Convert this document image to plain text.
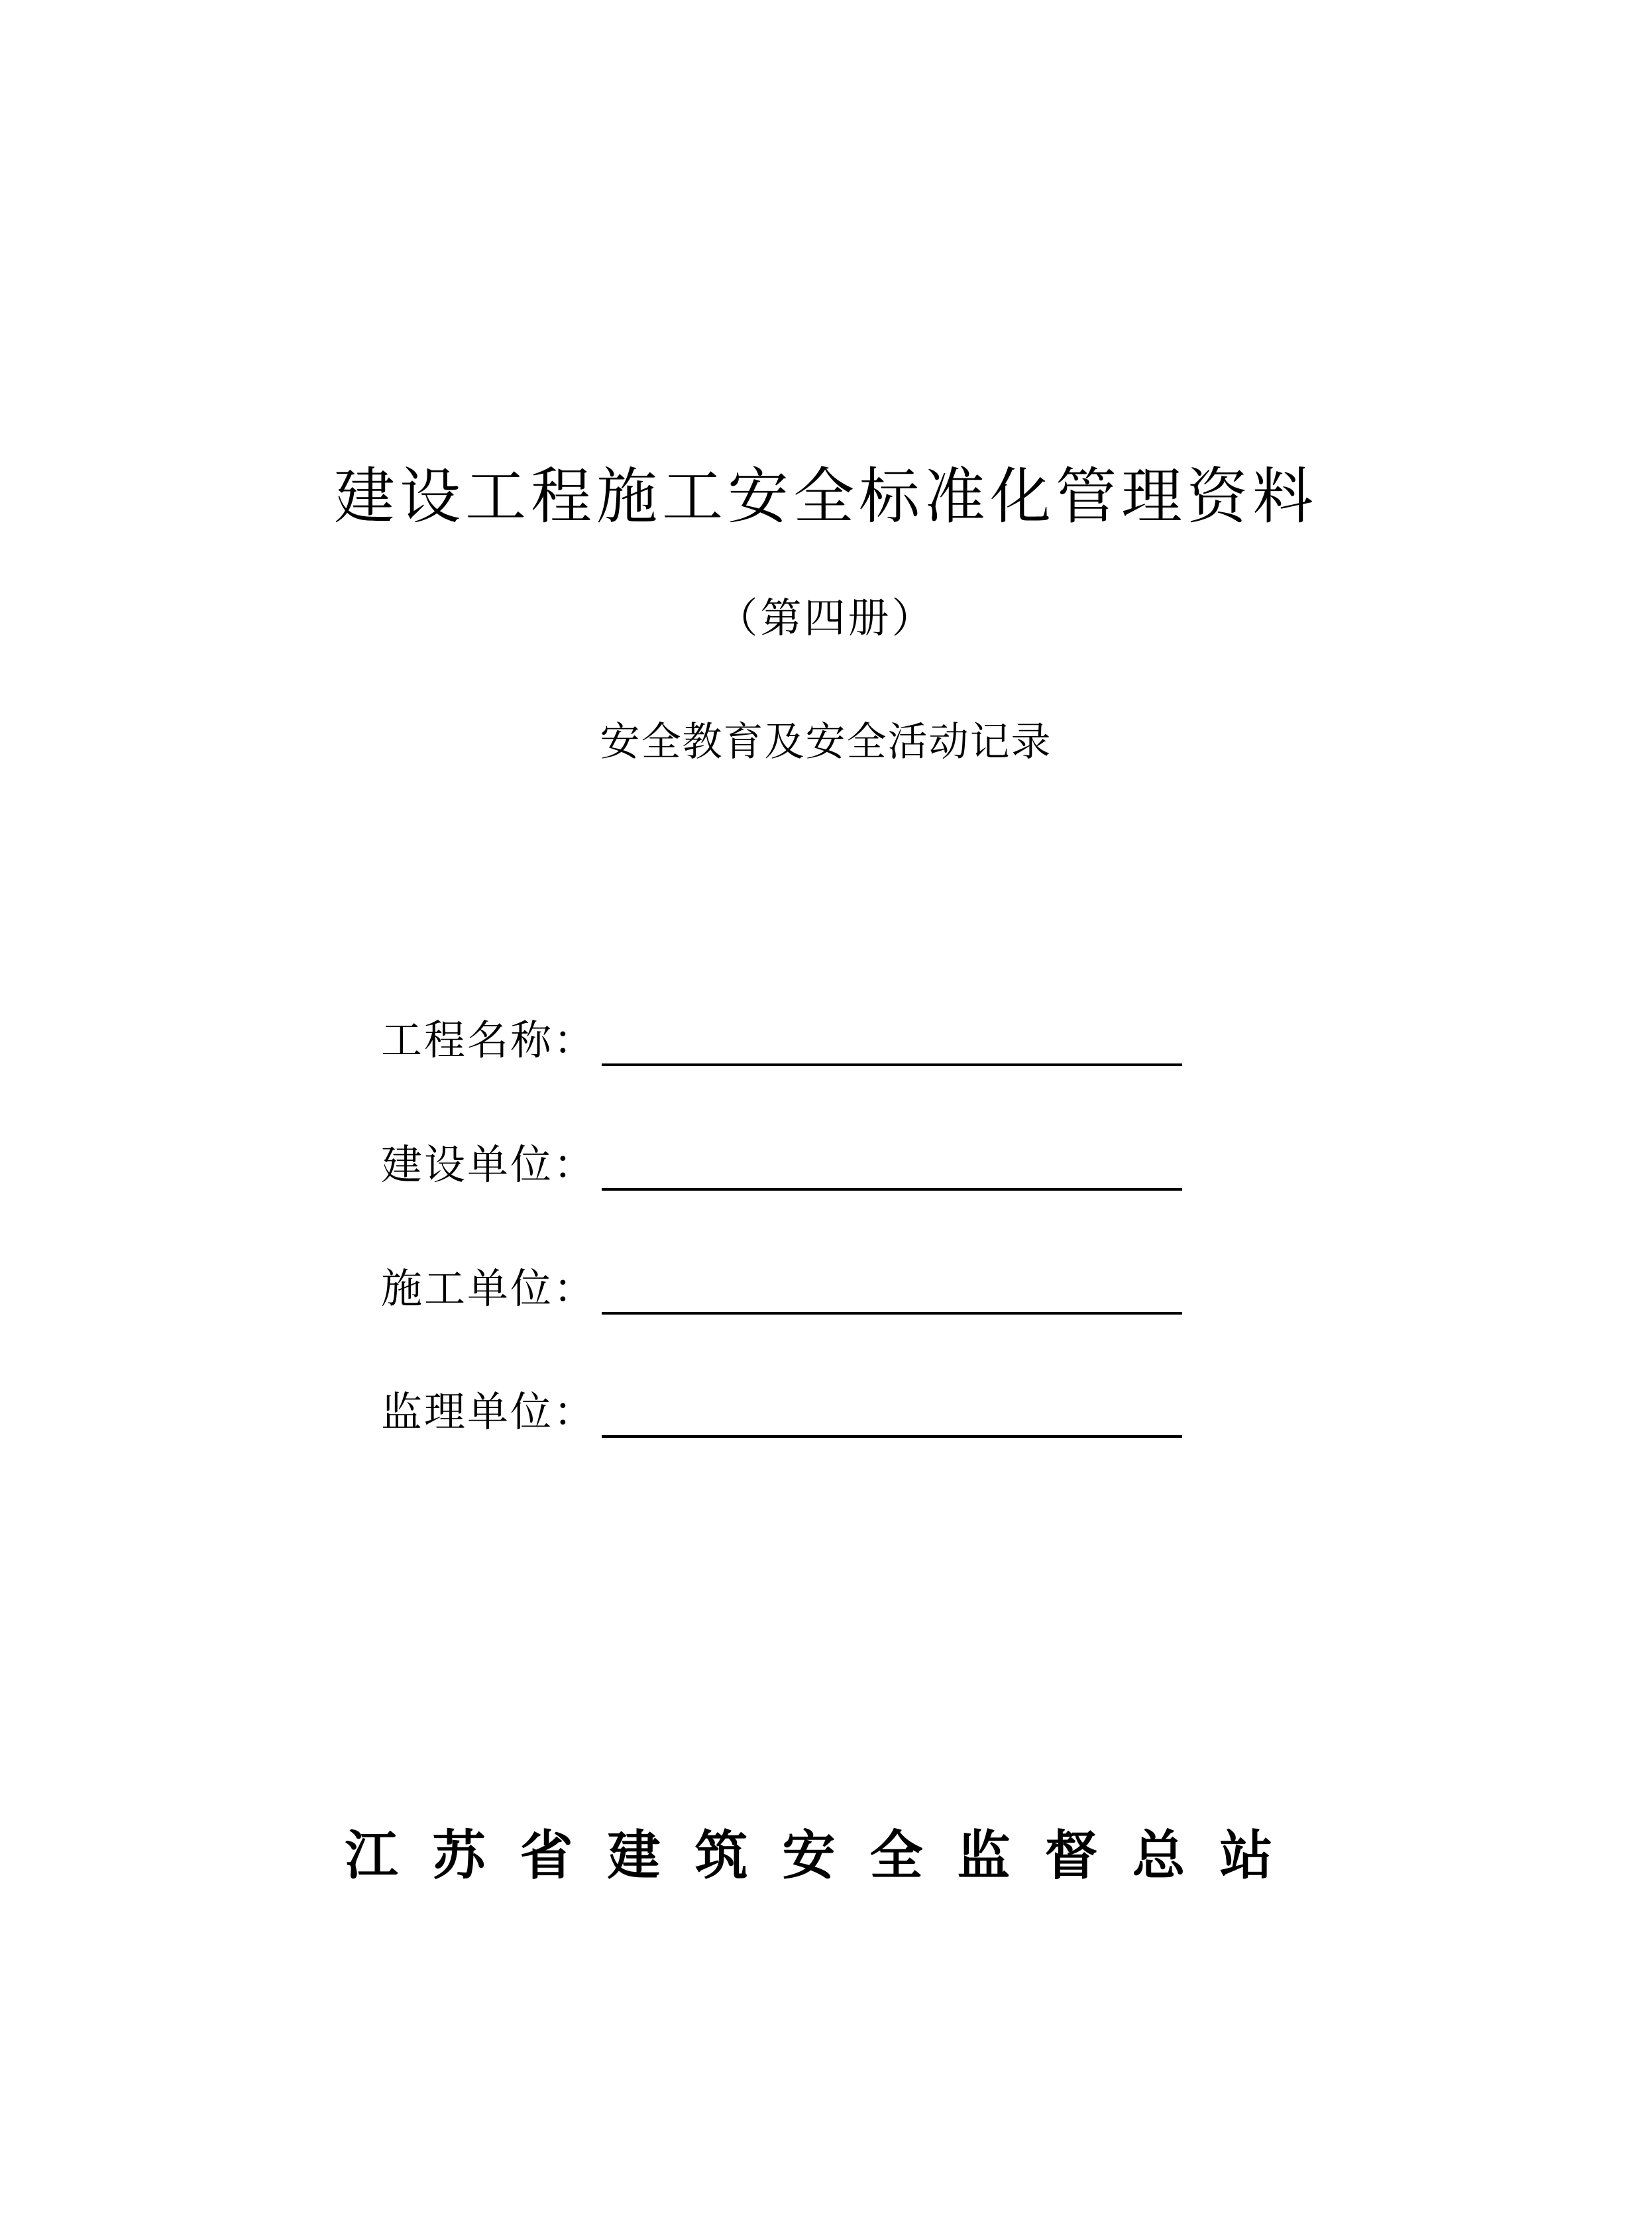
建设工程施工安全标准化管理资料
（第四册）
安全教育及安全活动记录
工程名称：
建设单位：
施工单位：
监理单位：
江苏省建筑安全监督总站
